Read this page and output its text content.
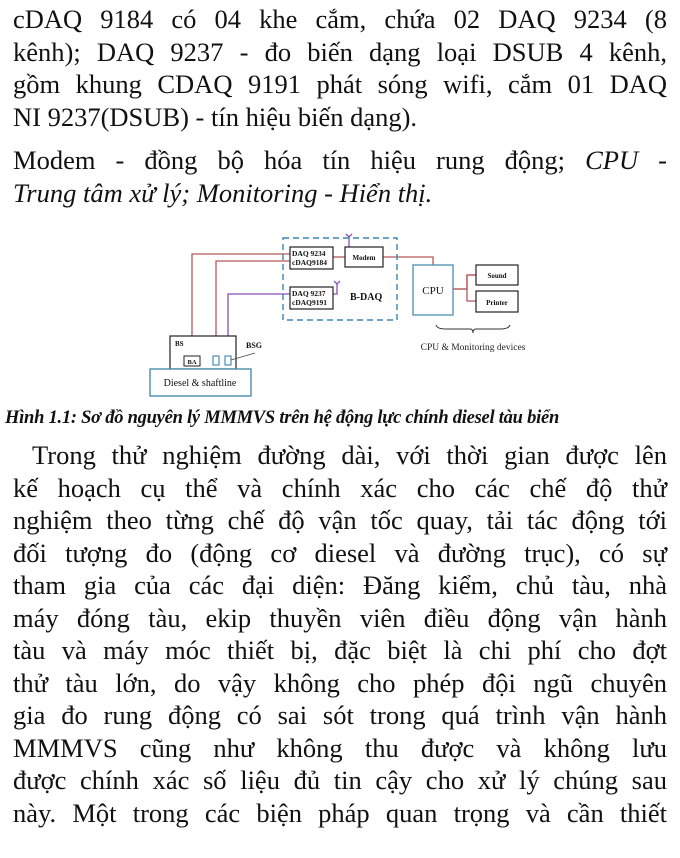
cDAQ 9184 có 04 khe cắm, chứa 02 DAQ 9234 (8
kênh); DAQ 9237 - đo biến dạng loại DSUB 4 kênh,
gồm khung CDAQ 9191 phát sóng wifi, cắm 01 DAQ
NI 9237(DSUB) - tín hiệu biến dạng).
Modem - đồng bộ hóa tín hiệu rung động; CPU -
Trung tâm xử lý; Monitoring - Hiển thị.
DAQ 9234
cDAQ9184	Modem
DAQ 9237
cDAQ9191 B-DAQ
CPU
Sound
Printer
CPU & Monitoring devices
BS
BA
BSG
Diesel & shaftline
Hình 1.1: Sơ đồ nguyên lý MMMVS trên hệ động lực chính diesel tàu biển
Trong thử nghiệm đường dài, với thời gian được lên
kế hoạch cụ thể và chính xác cho các chế độ thử
nghiệm theo từng chế độ vận tốc quay, tải tác động tới
đối tượng đo (động cơ diesel và đường trục), có sự
tham gia của các đại diện: Đăng kiểm, chủ tàu, nhà
máy đóng tàu, ekip thuyền viên điều động vận hành
tàu và máy móc thiết bị, đặc biệt là chi phí cho đợt
thử tàu lớn, do vậy không cho phép đội ngũ chuyên
gia đo rung động có sai sót trong quá trình vận hành
MMMVS cũng như không thu được và không lưu
được chính xác số liệu đủ tin cậy cho xử lý chúng sau
này. Một trong các biện pháp quan trọng và cần thiết
